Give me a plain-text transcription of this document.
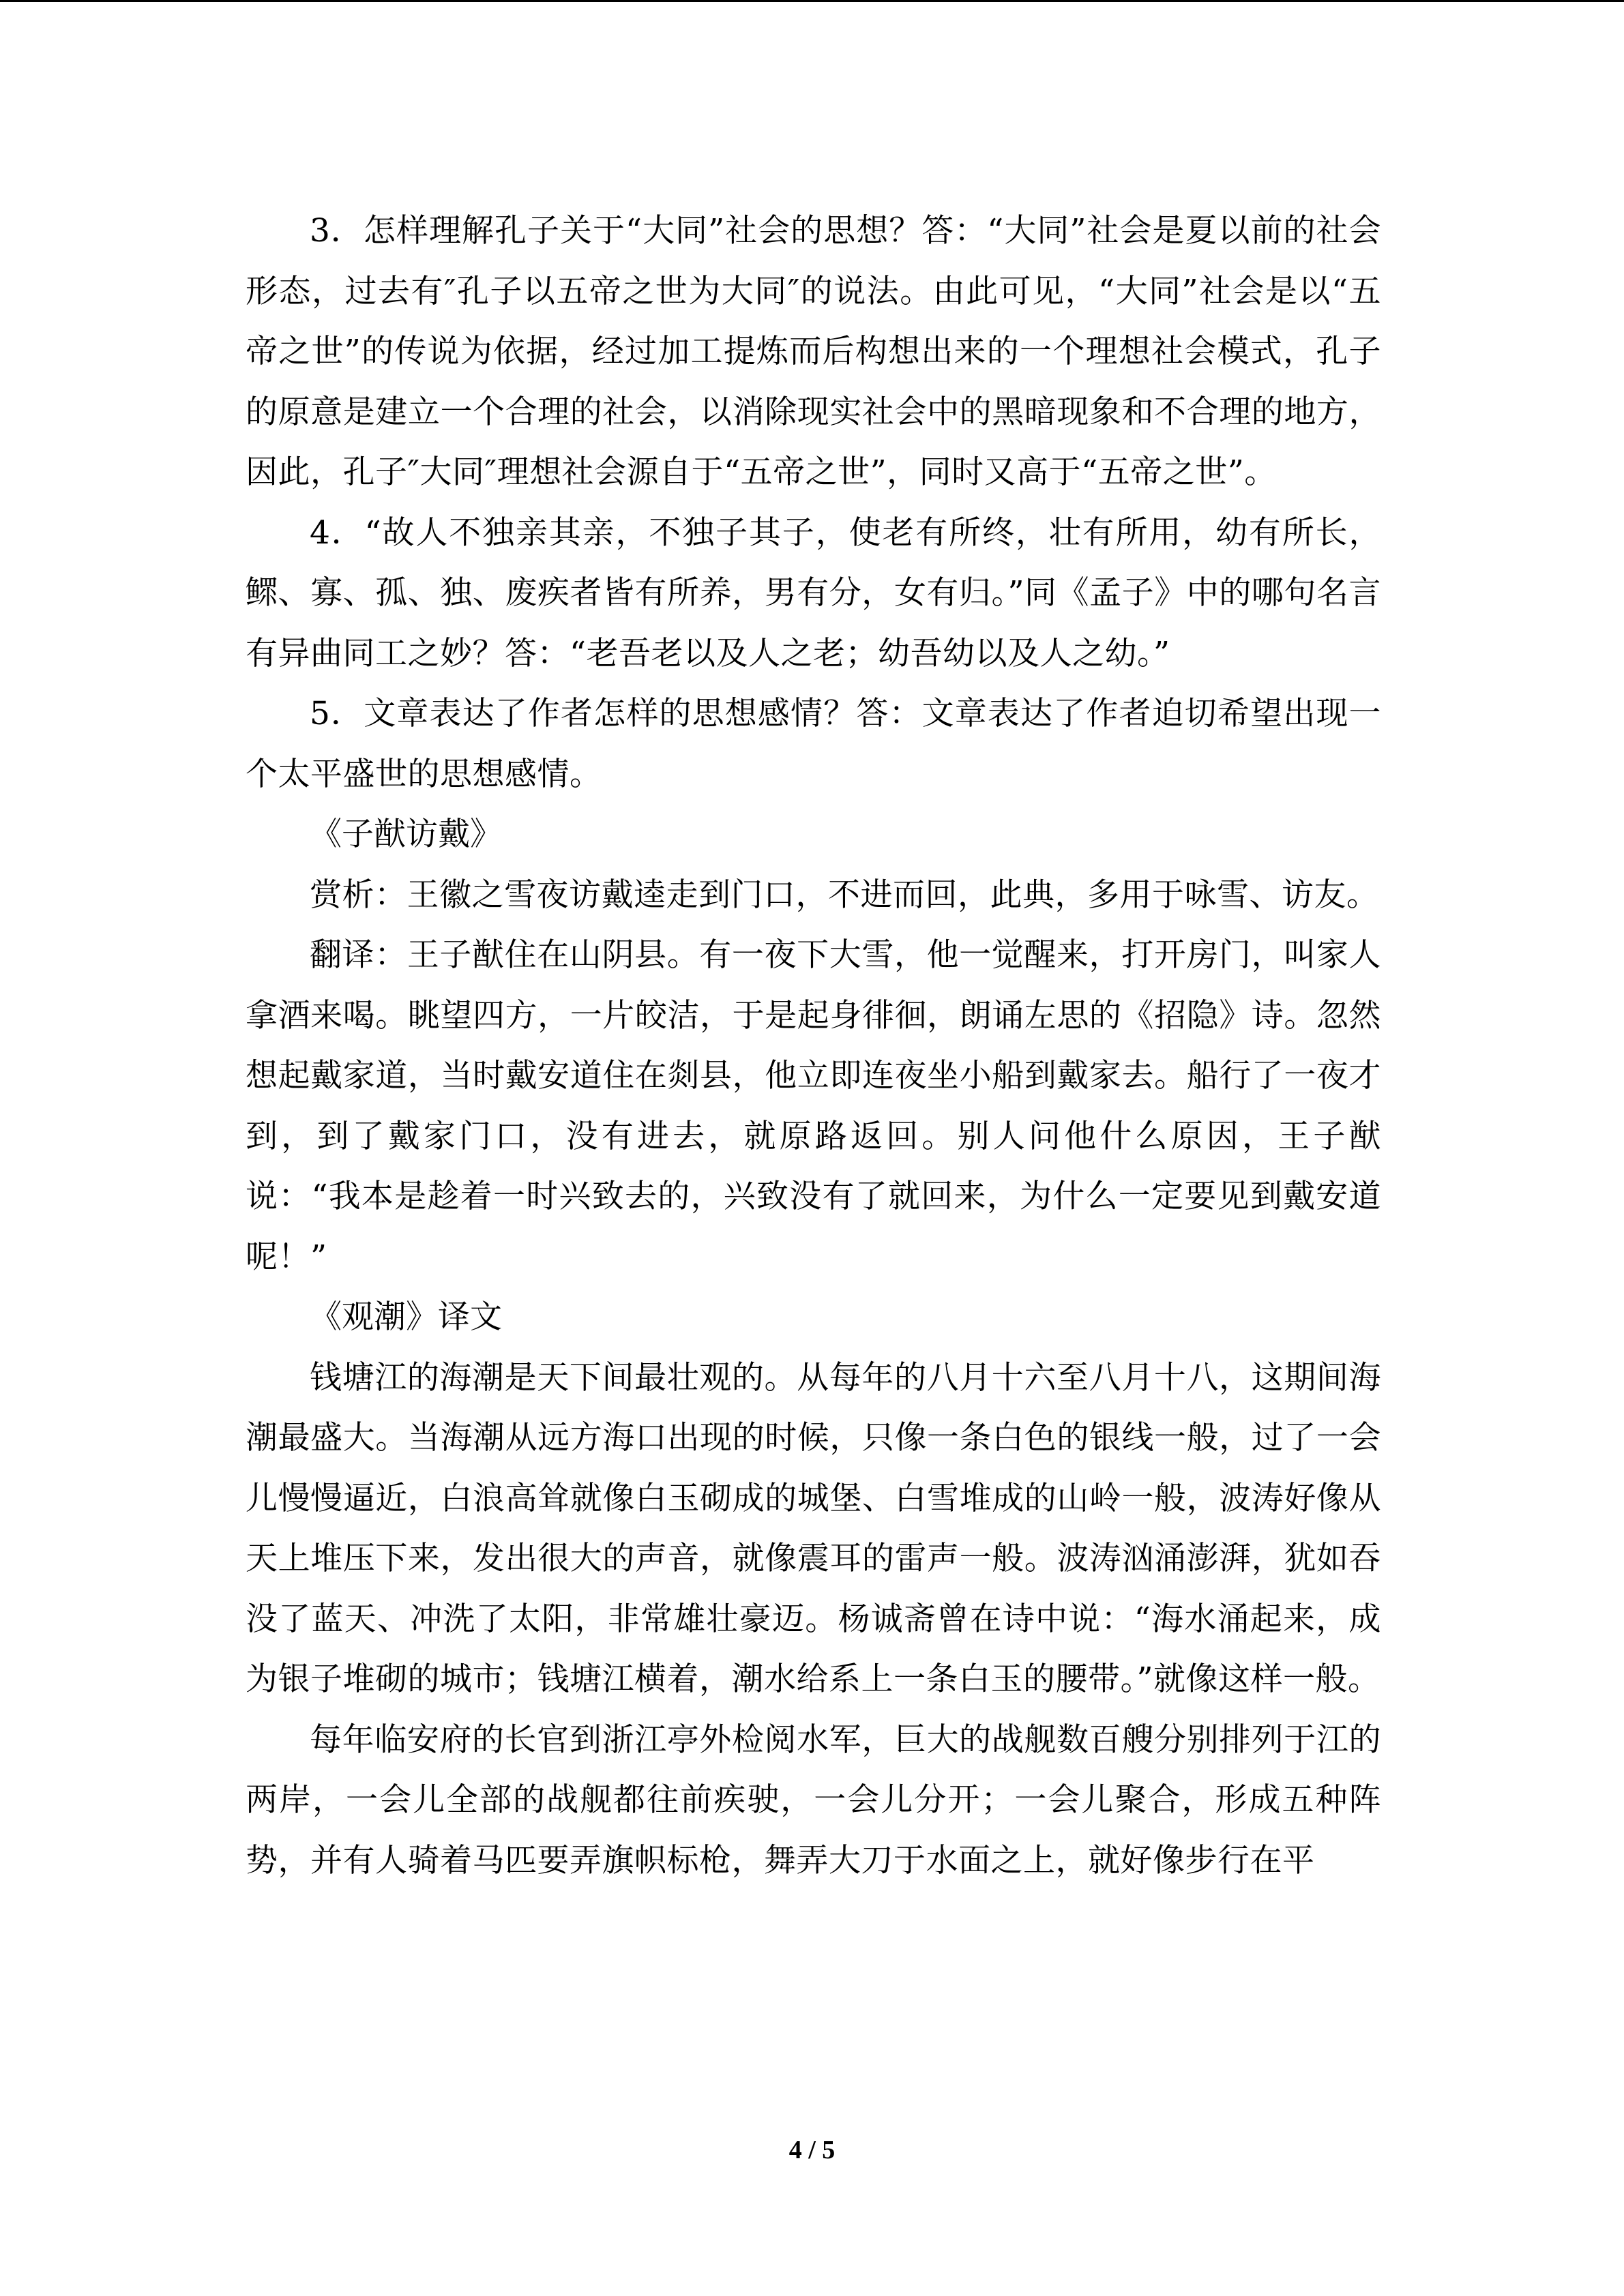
3．怎样理解孔子关于“大同”社会的思想？答：“大同”社会是夏以前的社会形态，过去有″孔子以五帝之世为大同″的说法。由此可见，“大同”社会是以“五帝之世”的传说为依据，经过加工提炼而后构想出来的一个理想社会模式，孔子的原意是建立一个合理的社会，以消除现实社会中的黑暗现象和不合理的地方，因此，孔子″大同″理想社会源自于“五帝之世”，同时又高于“五帝之世”。

4．“故人不独亲其亲，不独子其子，使老有所终，壮有所用，幼有所长，鳏、寡、孤、独、废疾者皆有所养，男有分，女有归。”同《孟子》中的哪句名言有异曲同工之妙？答：“老吾老以及人之老；幼吾幼以及人之幼。”

5．文章表达了作者怎样的思想感情？答：文章表达了作者迫切希望出现一个太平盛世的思想感情。

《子猷访戴》

赏析：王徽之雪夜访戴逵走到门口，不进而回，此典，多用于咏雪、访友。

翻译：王子猷住在山阴县。有一夜下大雪，他一觉醒来，打开房门，叫家人拿酒来喝。眺望四方，一片皎洁，于是起身徘徊，朗诵左思的《招隐》诗。忽然想起戴家道，当时戴安道住在剡县，他立即连夜坐小船到戴家去。船行了一夜才到，到了戴家门口，没有进去，就原路返回。别人问他什么原因，王子猷说：“我本是趁着一时兴致去的，兴致没有了就回来，为什么一定要见到戴安道呢！”

《观潮》译文

钱塘江的海潮是天下间最壮观的。从每年的八月十六至八月十八，这期间海潮最盛大。当海潮从远方海口出现的时候，只像一条白色的银线一般，过了一会儿慢慢逼近，白浪高耸就像白玉砌成的城堡、白雪堆成的山岭一般，波涛好像从天上堆压下来，发出很大的声音，就像震耳的雷声一般。波涛汹涌澎湃，犹如吞没了蓝天、冲洗了太阳，非常雄壮豪迈。杨诚斋曾在诗中说：“海水涌起来，成为银子堆砌的城市；钱塘江横着，潮水给系上一条白玉的腰带。”就像这样一般。

每年临安府的长官到浙江亭外检阅水军，巨大的战舰数百艘分别排列于江的两岸，一会儿全部的战舰都往前疾驶，一会儿分开；一会儿聚合，形成五种阵势，并有人骑着马匹要弄旗帜标枪，舞弄大刀于水面之上，就好像步行在平

4 / 5
